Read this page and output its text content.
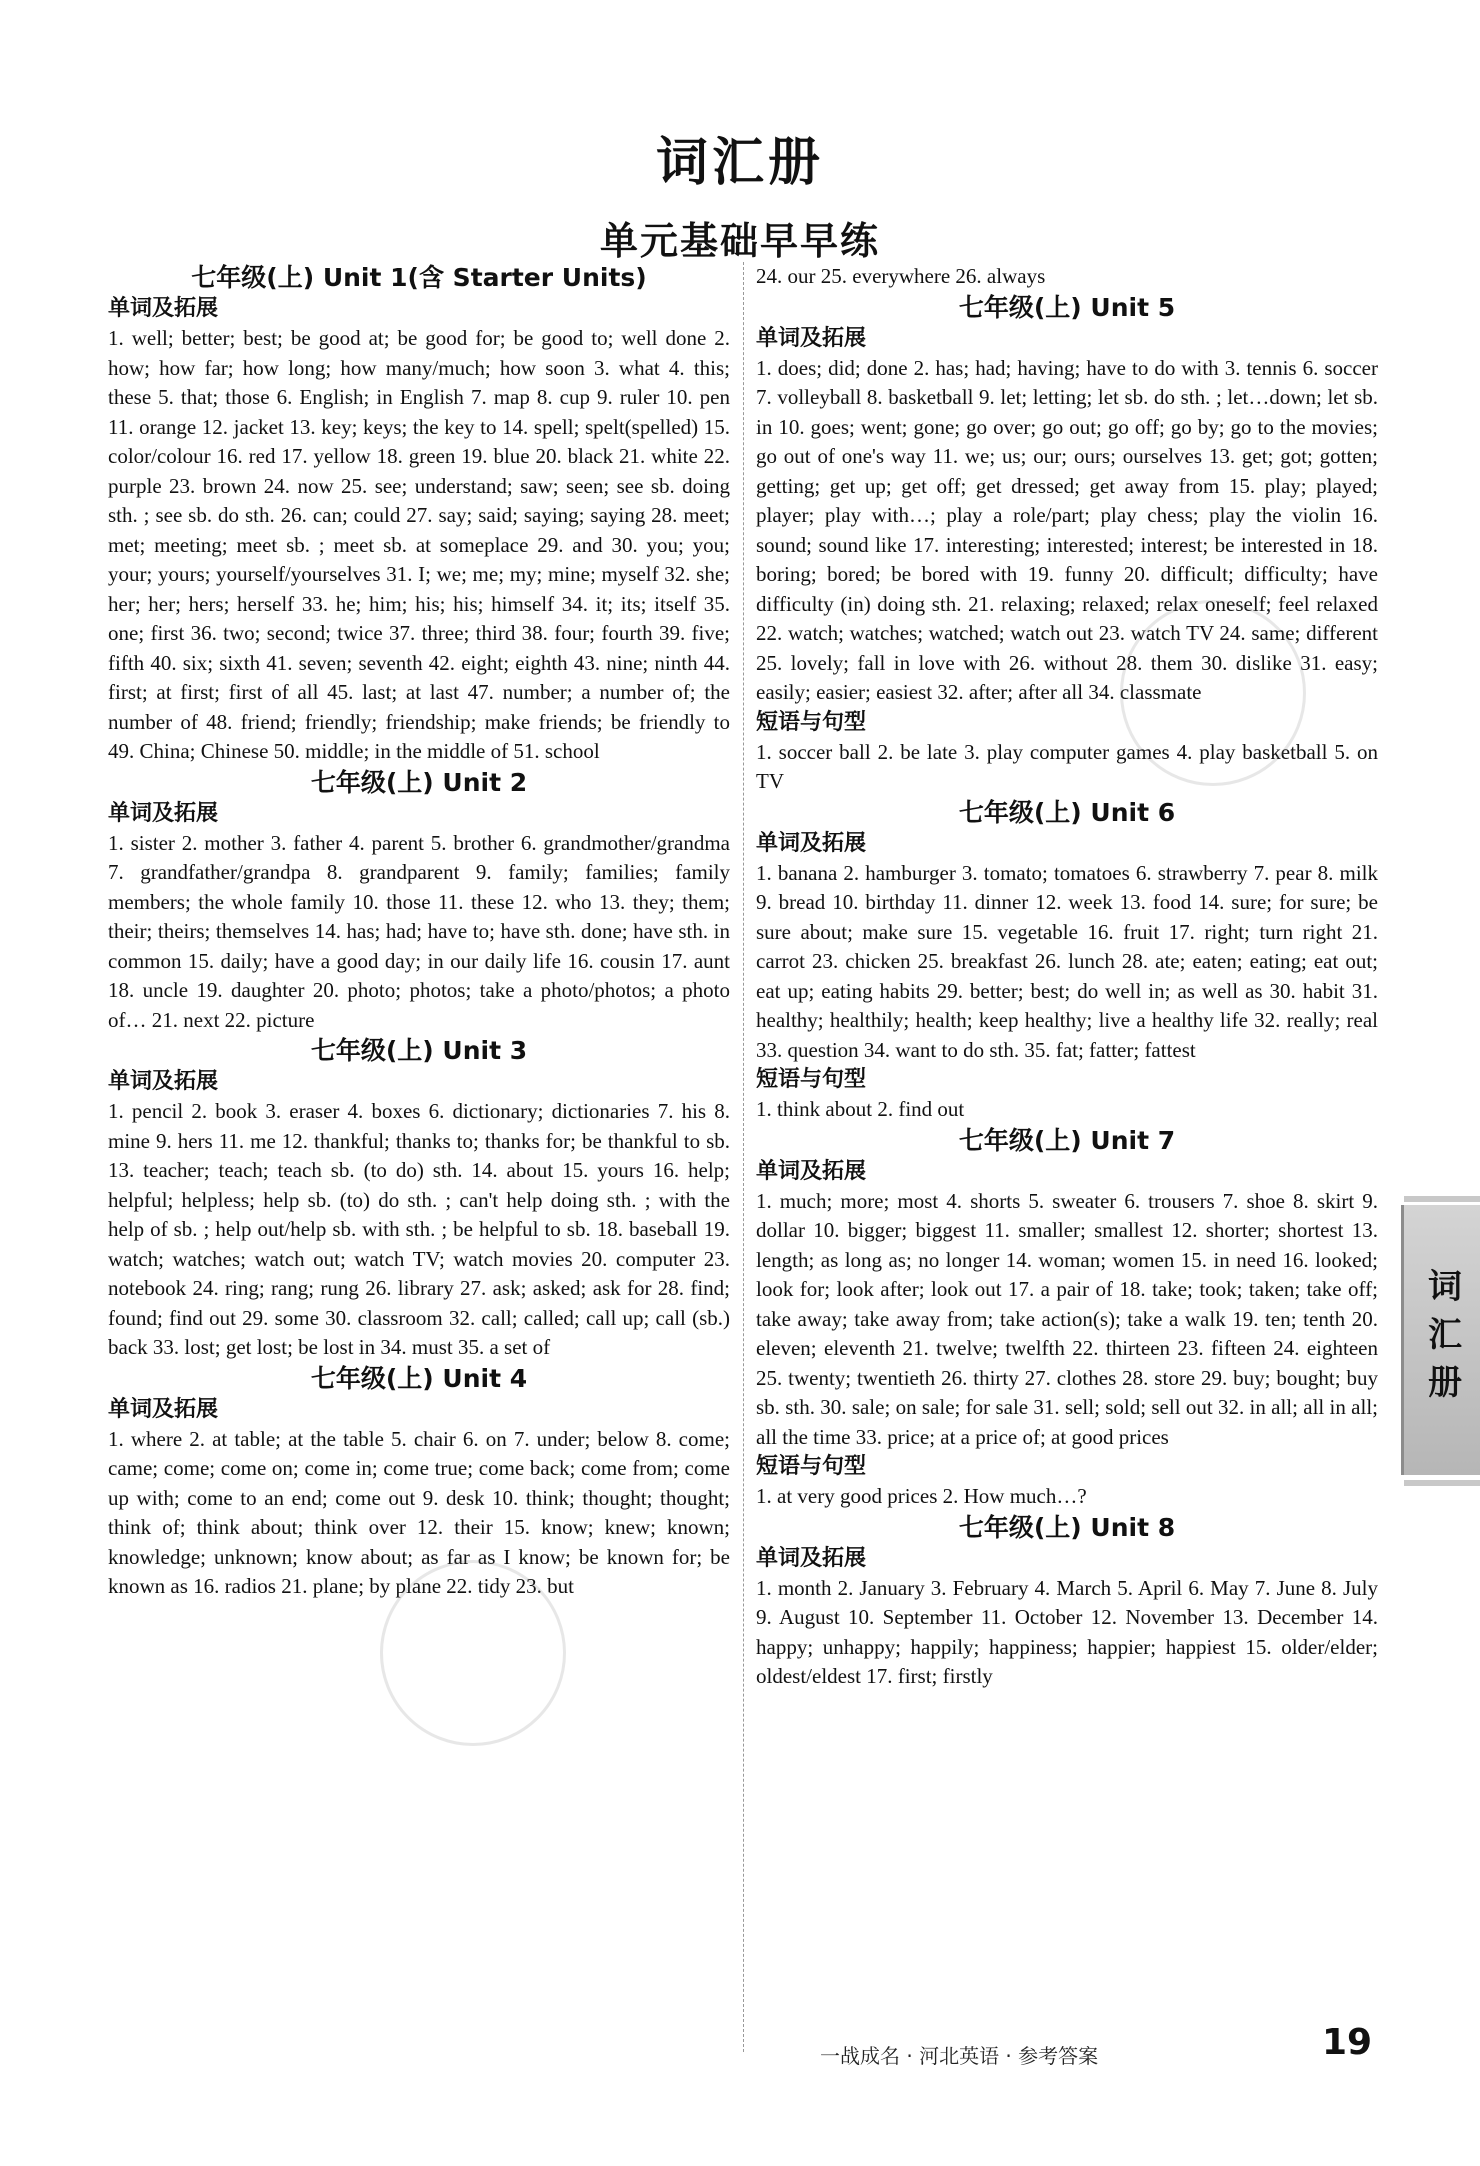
词汇册
单元基础早早练
七年级(上) Unit 1(含 Starter Units)
单词及拓展

1. well; better; best; be good at; be good for; be good to; well done 2. how; how far; how long; how many/much; how soon 3. what 4. this; these 5. that; those 6. English; in English 7. map 8. cup 9. ruler 10. pen 11. orange 12. jacket 13. key; keys; the key to 14. spell; spelt(spelled) 15. color/colour 16. red 17. yellow 18. green 19. blue 20. black 21. white 22. purple 23. brown 24. now 25. see; understand; saw; seen; see sb. doing sth. ; see sb. do sth. 26. can; could 27. say; said; saying; saying 28. meet; met; meeting; meet sb. ; meet sb. at someplace 29. and 30. you; you; your; yours; yourself/yourselves 31. I; we; me; my; mine; myself 32. she; her; her; hers; herself 33. he; him; his; his; himself 34. it; its; itself 35. one; first 36. two; second; twice 37. three; third 38. four; fourth 39. five; fifth 40. six; sixth 41. seven; seventh 42. eight; eighth 43. nine; ninth 44. first; at first; first of all 45. last; at last 47. number; a number of; the number of 48. friend; friendly; friendship; make friends; be friendly to 49. China; Chinese 50. middle; in the middle of 51. school

七年级(上) Unit 2
单词及拓展

1. sister 2. mother 3. father 4. parent 5. brother 6. grandmother/grandma 7. grandfather/grandpa 8. grandparent 9. family; families; family members; the whole family 10. those 11. these 12. who 13. they; them; their; theirs; themselves 14. has; had; have to; have sth. done; have sth. in common 15. daily; have a good day; in our daily life 16. cousin 17. aunt 18. uncle 19. daughter 20. photo; photos; take a photo/photos; a photo of… 21. next 22. picture

七年级(上) Unit 3
单词及拓展

1. pencil 2. book 3. eraser 4. boxes 6. dictionary; dictionaries 7. his 8. mine 9. hers 11. me 12. thankful; thanks to; thanks for; be thankful to sb. 13. teacher; teach; teach sb. (to do) sth. 14. about 15. yours 16. help; helpful; helpless; help sb. (to) do sth. ; can't help doing sth. ; with the help of sb. ; help out/help sb. with sth. ; be helpful to sb. 18. baseball 19. watch; watches; watch out; watch TV; watch movies 20. computer 23. notebook 24. ring; rang; rung 26. library 27. ask; asked; ask for 28. find; found; find out 29. some 30. classroom 32. call; called; call up; call (sb.) back 33. lost; get lost; be lost in 34. must 35. a set of

七年级(上) Unit 4
单词及拓展

1. where 2. at table; at the table 5. chair 6. on 7. under; below 8. come; came; come; come on; come in; come true; come back; come from; come up with; come to an end; come out 9. desk 10. think; thought; thought; think of; think about; think over 12. their 15. know; knew; known; knowledge; unknown; know about; as far as I know; be known for; be known as 16. radios 21. plane; by plane 22. tidy 23. but

24. our 25. everywhere 26. always

七年级(上) Unit 5
单词及拓展

1. does; did; done 2. has; had; having; have to do with 3. tennis 6. soccer 7. volleyball 8. basketball 9. let; letting; let sb. do sth. ; let…down; let sb. in 10. goes; went; gone; go over; go out; go off; go by; go to the movies; go out of one's way 11. we; us; our; ours; ourselves 13. get; got; gotten; getting; get up; get off; get dressed; get away from 15. play; played; player; play with…; play a role/part; play chess; play the violin 16. sound; sound like 17. interesting; interested; interest; be interested in 18. boring; bored; be bored with 19. funny 20. difficult; difficulty; have difficulty (in) doing sth. 21. relaxing; relaxed; relax oneself; feel relaxed 22. watch; watches; watched; watch out 23. watch TV 24. same; different 25. lovely; fall in love with 26. without 28. them 30. dislike 31. easy; easily; easier; easiest 32. after; after all 34. classmate

短语与句型

1. soccer ball 2. be late 3. play computer games 4. play basketball 5. on TV

七年级(上) Unit 6
单词及拓展

1. banana 2. hamburger 3. tomato; tomatoes 6. strawberry 7. pear 8. milk 9. bread 10. birthday 11. dinner 12. week 13. food 14. sure; for sure; be sure about; make sure 15. vegetable 16. fruit 17. right; turn right 21. carrot 23. chicken 25. breakfast 26. lunch 28. ate; eaten; eating; eat out; eat up; eating habits 29. better; best; do well in; as well as 30. habit 31. healthy; healthily; health; keep healthy; live a healthy life 32. really; real 33. question 34. want to do sth. 35. fat; fatter; fattest

短语与句型

1. think about 2. find out

七年级(上) Unit 7
单词及拓展

1. much; more; most 4. shorts 5. sweater 6. trousers 7. shoe 8. skirt 9. dollar 10. bigger; biggest 11. smaller; smallest 12. shorter; shortest 13. length; as long as; no longer 14. woman; women 15. in need 16. looked; look for; look after; look out 17. a pair of 18. take; took; taken; take off; take away; take away from; take action(s); take a walk 19. ten; tenth 20. eleven; eleventh 21. twelve; twelfth 22. thirteen 23. fifteen 24. eighteen 25. twenty; twentieth 26. thirty 27. clothes 28. store 29. buy; bought; buy sb. sth. 30. sale; on sale; for sale 31. sell; sold; sell out 32. in all; all in all; all the time 33. price; at a price of; at good prices

短语与句型

1. at very good prices 2. How much…?

七年级(上) Unit 8
单词及拓展

1. month 2. January 3. February 4. March 5. April 6. May 7. June 8. July 9. August 10. September 11. October 12. November 13. December 14. happy; unhappy; happily; happiness; happier; happiest 15. older/elder; oldest/eldest 17. first; firstly

词汇册
一战成名 · 河北英语 · 参考答案	19
